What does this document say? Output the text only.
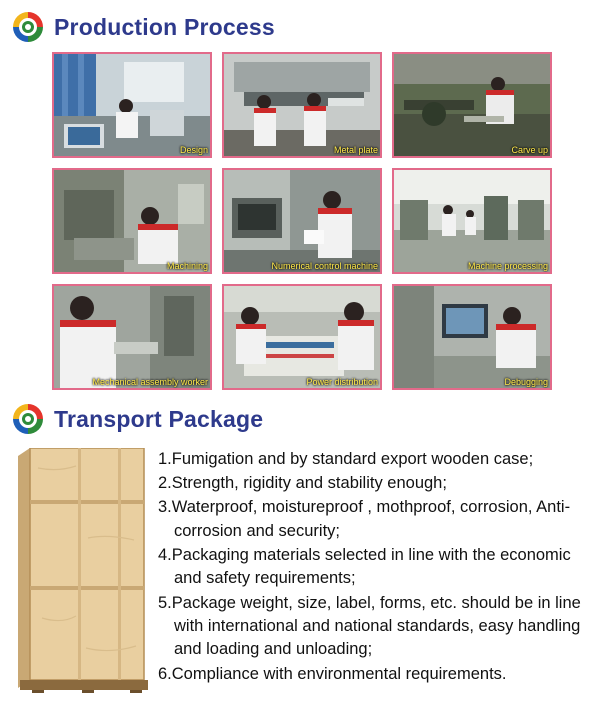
Production Process
Design	Metal plate	Carve up
Machining	Numerical control machine	Machine processing
Mechanical assembly worker	Power distribution	Debugging
Transport Package
1.Fumigation and by standard export wooden case;
2.Strength, rigidity and stability enough;
3.Waterproof, moistureproof , mothproof, corrosion, Anti-corrosion and security;
4.Packaging materials selected in line with the economic and safety requirements;
5.Package weight, size, label, forms, etc. should be in line with international and national standards, easy handling and loading and unloading;
6.Compliance with environmental requirements.
